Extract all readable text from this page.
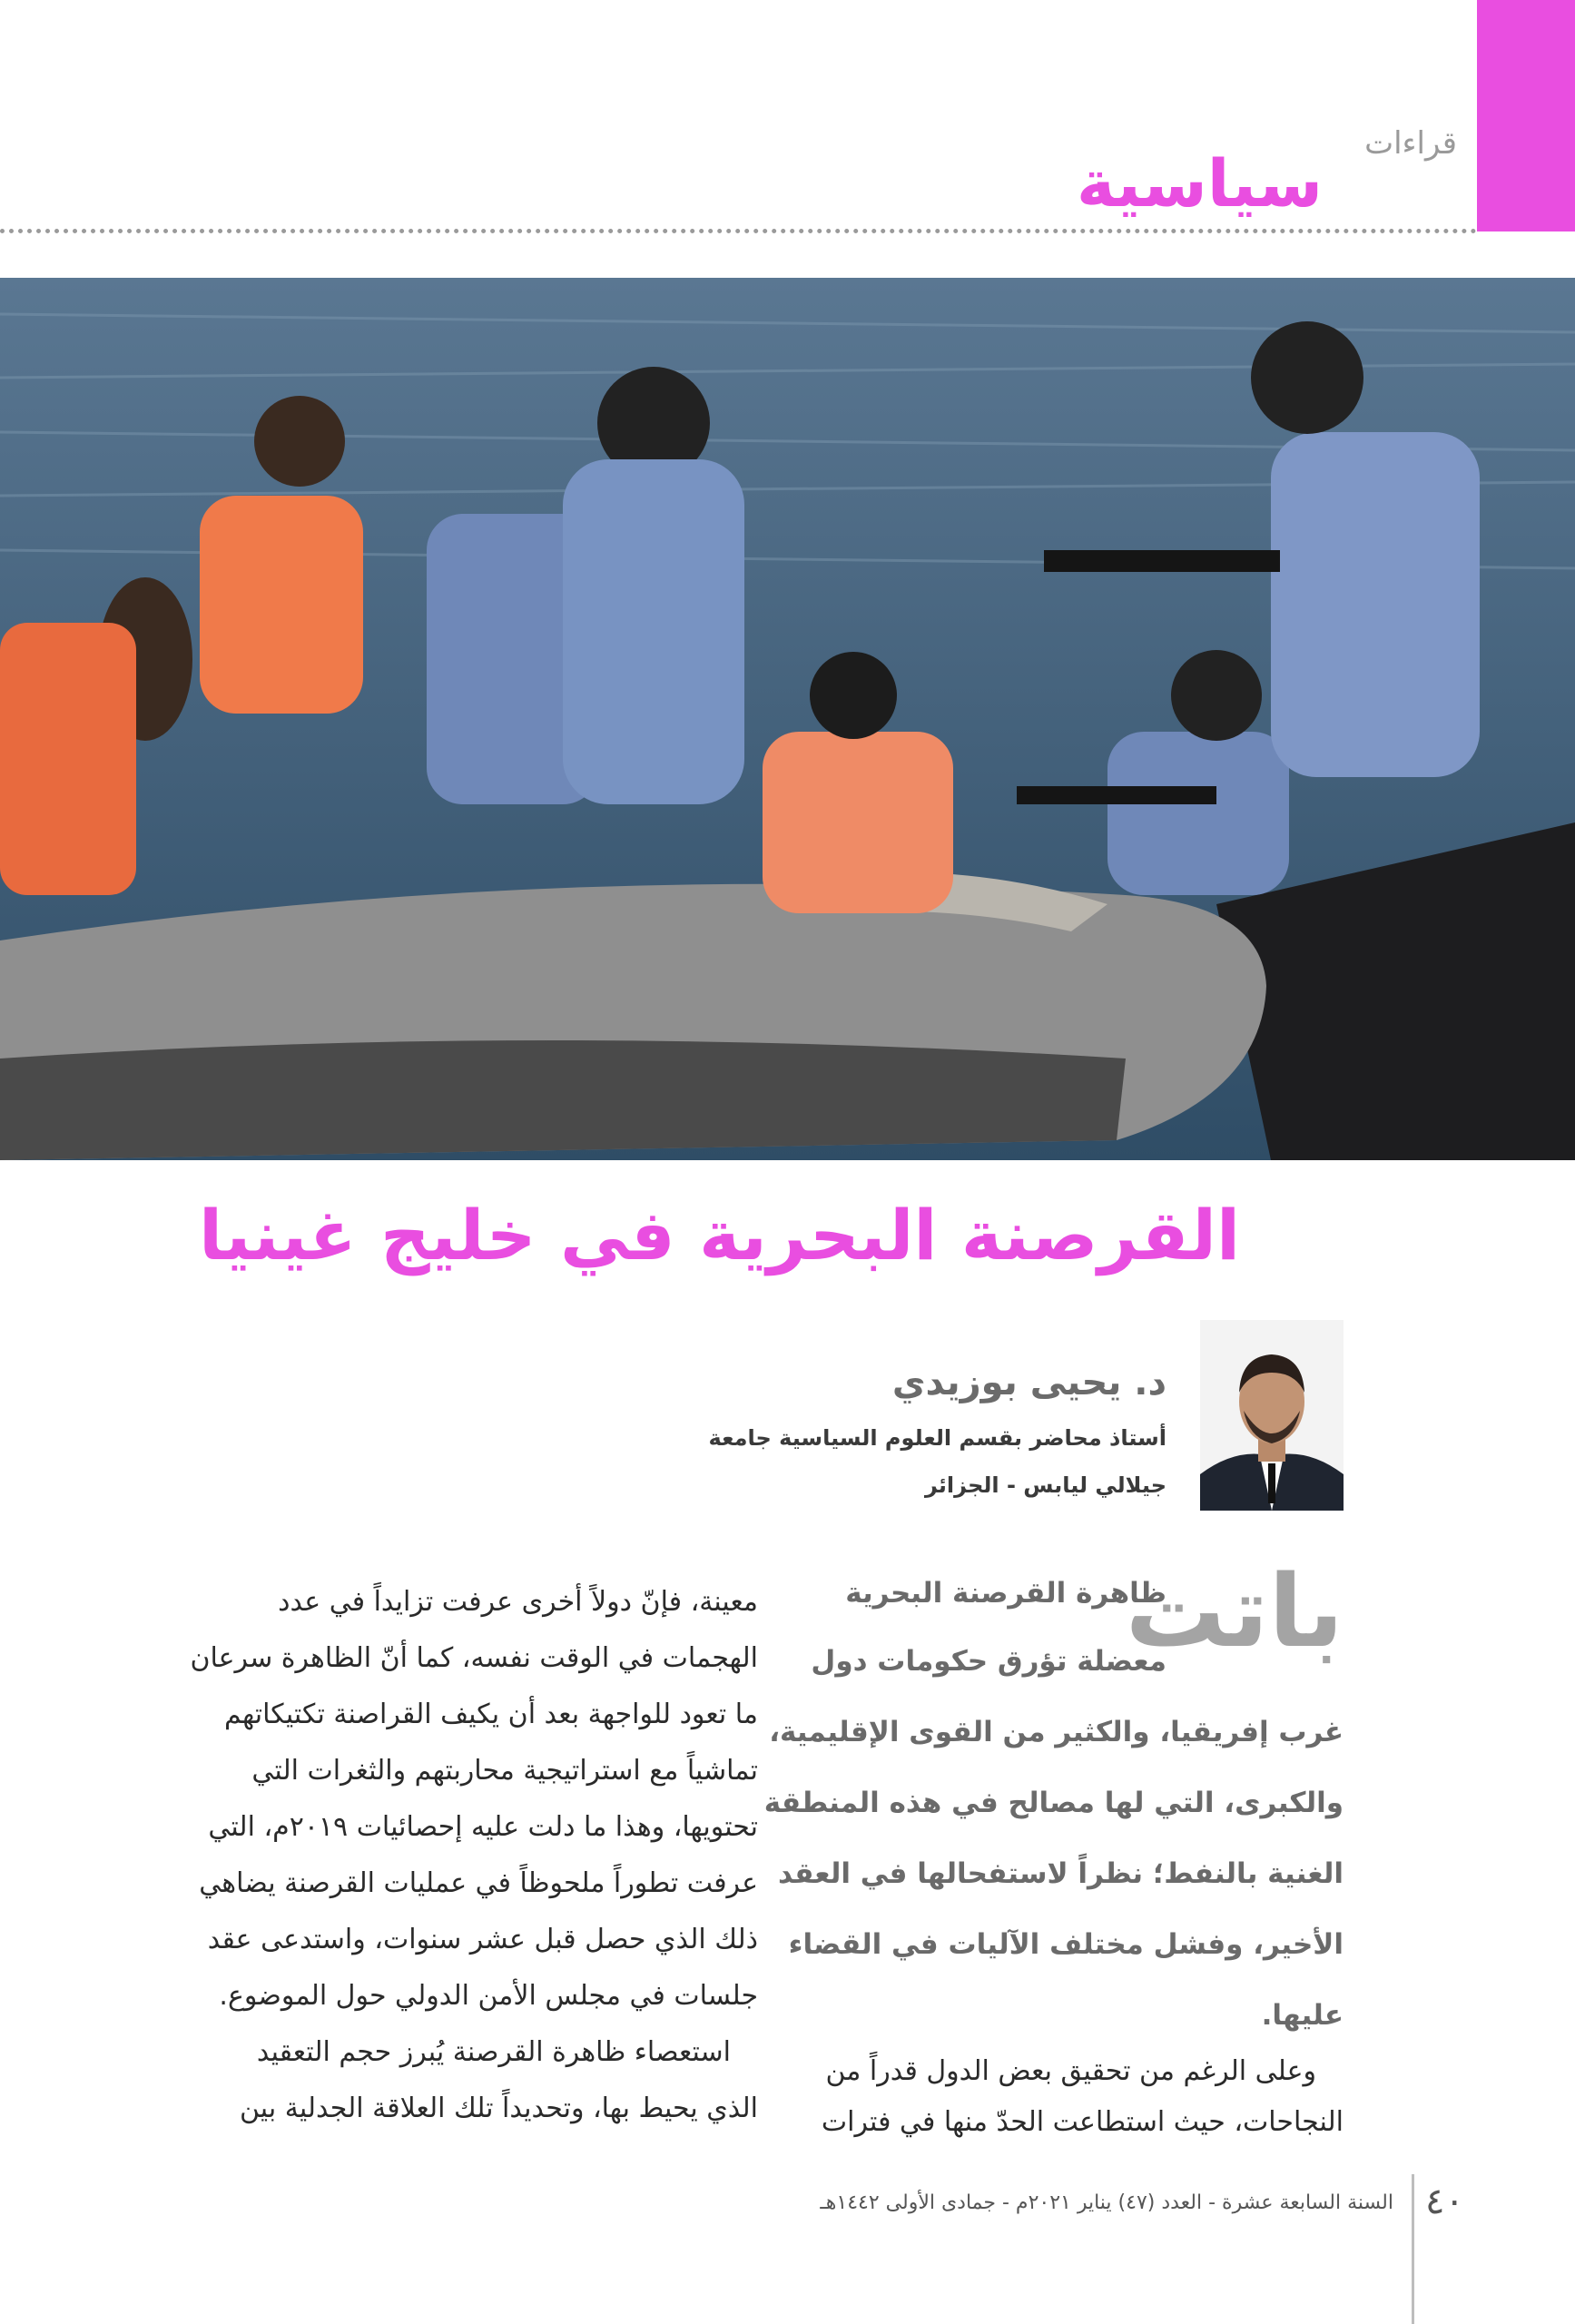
قراءات
سياسية
القرصنة البحرية في خليج غينيا
د. يحيى بوزيدي
أستاذ محاضر بقسم العلوم السياسية جامعة
جيلالي ليابس - الجزائر
باتت
ظاهرة القرصنة البحرية
معضلة تؤرق حكومات دول
غرب إفريقيا، والكثير من القوى الإقليمية،
والكبرى، التي لها مصالح في هذه المنطقة
الغنية بالنفط؛ نظراً لاستفحالها في العقد
الأخير، وفشل مختلف الآليات في القضاء
عليها.
وعلى الرغم من تحقيق بعض الدول قدراً من
النجاحات، حيث استطاعت الحدّ منها في فترات
معينة، فإنّ دولاً أخرى عرفت تزايداً في عدد
الهجمات في الوقت نفسه، كما أنّ الظاهرة سرعان
ما تعود للواجهة بعد أن يكيف القراصنة تكتيكاتهم
تماشياً مع استراتيجية محاربتهم والثغرات التي
تحتويها، وهذا ما دلت عليه إحصائيات ٢٠١٩م، التي
عرفت تطوراً ملحوظاً في عمليات القرصنة يضاهي
ذلك الذي حصل قبل عشر سنوات، واستدعى عقد
جلسات في مجلس الأمن الدولي حول الموضوع.
استعصاء ظاهرة القرصنة يُبرز حجم التعقيد
الذي يحيط بها، وتحديداً تلك العلاقة الجدلية بين
٤٠
السنة السابعة عشرة - العدد (٤٧) يناير ٢٠٢١م - جمادى الأولى ١٤٤٢هـ
